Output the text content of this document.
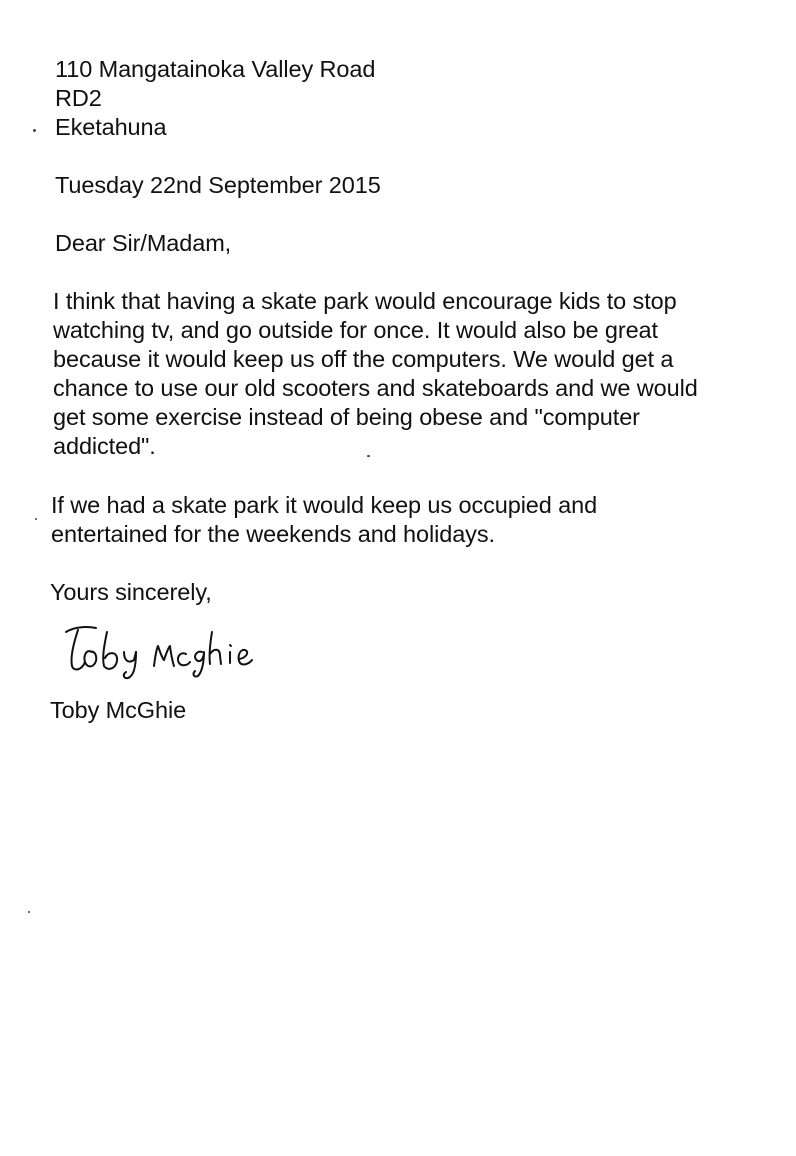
110 Mangatainoka Valley Road
RD2
Eketahuna
Tuesday 22nd September 2015
Dear Sir/Madam,
I think that having a skate park would encourage kids to stop
watching tv, and go outside for once. It would also be great
because it would keep us off the computers. We would get a
chance to use our old scooters and skateboards and we would
get some exercise instead of being obese and "computer
addicted".
If we had a skate park it would keep us occupied and
entertained for the weekends and holidays.
Yours sincerely,
Toby McGhie
